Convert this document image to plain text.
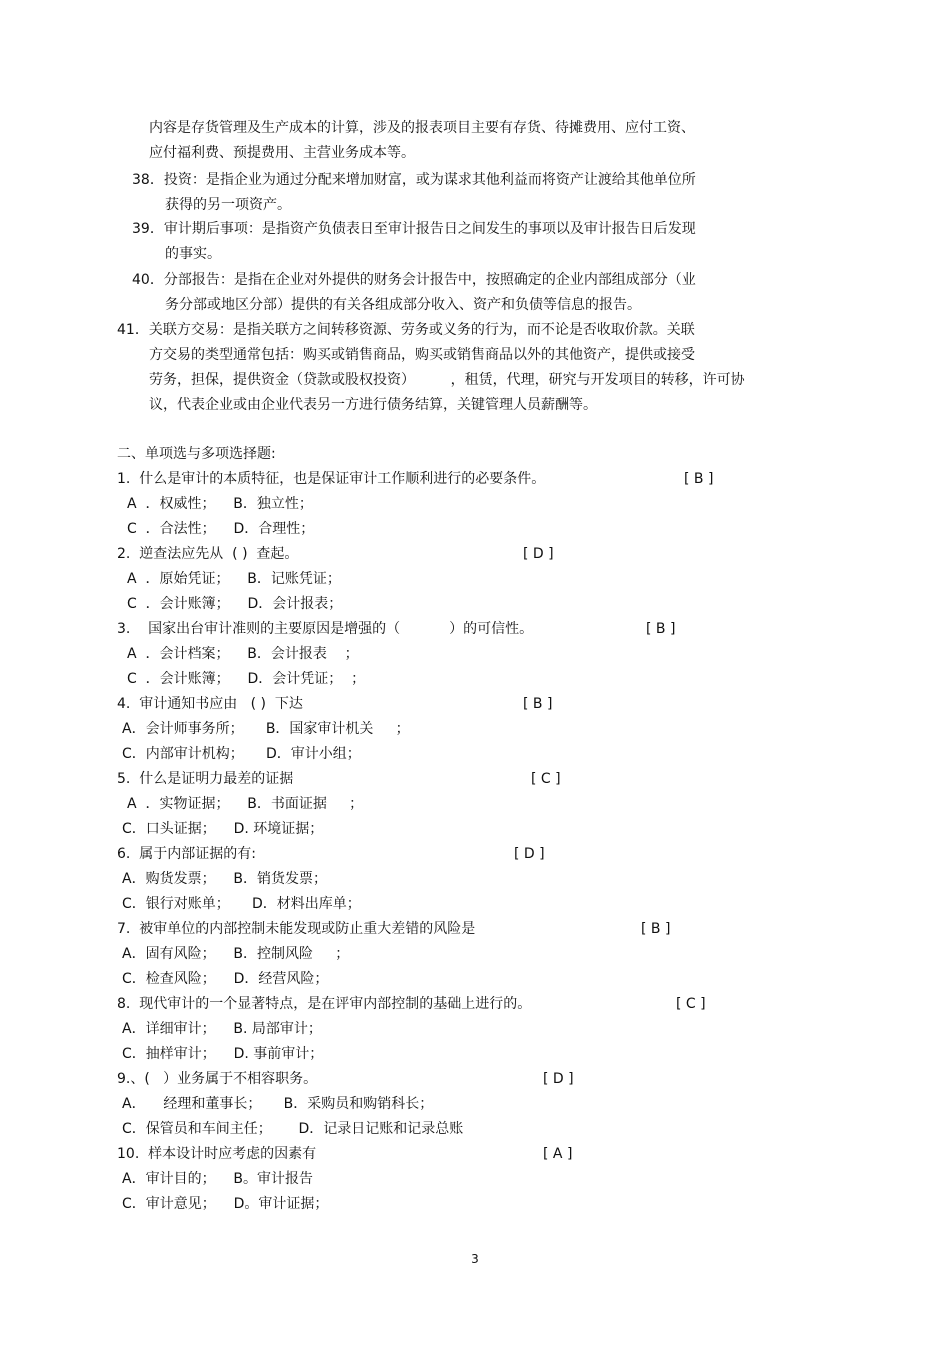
内容是存货管理及生产成本的计算，涉及的报表项目主要有存货、待摊费用、应付工资、
应付福利费、预提费用、主营业务成本等。
38．投资：是指企业为通过分配来增加财富，或为谋求其他利益而将资产让渡给其他单位所
获得的另一项资产。
39．审计期后事项：是指资产负债表日至审计报告日之间发生的事项以及审计报告日后发现
的事实。
40．分部报告：是指在企业对外提供的财务会计报告中，按照确定的企业内部组成部分（业
务分部或地区分部）提供的有关各组成部分收入、资产和负债等信息的报告。
41．关联方交易：是指关联方之间转移资源、劳务或义务的行为，而不论是否收取价款。关联
方交易的类型通常包括：购买或销售商品，购买或销售商品以外的其他资产，提供或接受
劳务，担保，提供资金（贷款或股权投资）        ，租赁，代理，研究与开发项目的转移，许可协
议，代表企业或由企业代表另一方进行债务结算，关键管理人员薪酬等。
二、单项选与多项选择题:
1.  什么是审计的本质特征，也是保证审计工作顺利进行的必要条件。	[ B ]
A  ．权威性；    B．独立性；
C  ．合法性；    D．合理性；
2.  逆查法应先从  ( )  查起。	[ D ]
A  ．原始凭证；    B．记账凭证；
C  ．会计账簿；    D．会计报表；
3.    国家出台审计准则的主要原因是增强的（           ）的可信性。	[ B ]
A  ．会计档案；    B．会计报表    ；
C  ．会计账簿；    D．会计凭证；  ；
4.  审计通知书应由   ( )  下达	[ B ]
A．会计师事务所；     B．国家审计机关     ；
C．内部审计机构；     D．审计小组；
5.  什么是证明力最差的证据	[ C ]
A  ．实物证据；    B．书面证据     ；
C．口头证据；    D. 环境证据；
6.  属于内部证据的有:	[ D ]
A．购货发票；    B．销货发票；
C．银行对账单；     D．材料出库单；
7.  被审单位的内部控制未能发现或防止重大差错的风险是	[ B ]
A．固有风险；    B．控制风险     ；
C．检查风险；    D．经营风险；
8.  现代审计的一个显著特点，是在评审内部控制的基础上进行的。	[ C ]
A．详细审计；    B. 局部审计；
C．抽样审计；    D. 事前审计；
9.、(   ）业务属于不相容职务。	[ D ]
A．    经理和董事长；     B．采购员和购销科长；
C．保管员和车间主任；      D．记录日记账和记录总账
10.  样本设计时应考虑的因素有	[ A ]
A．审计目的；    B。审计报告
C．审计意见；    D。审计证据；
3
